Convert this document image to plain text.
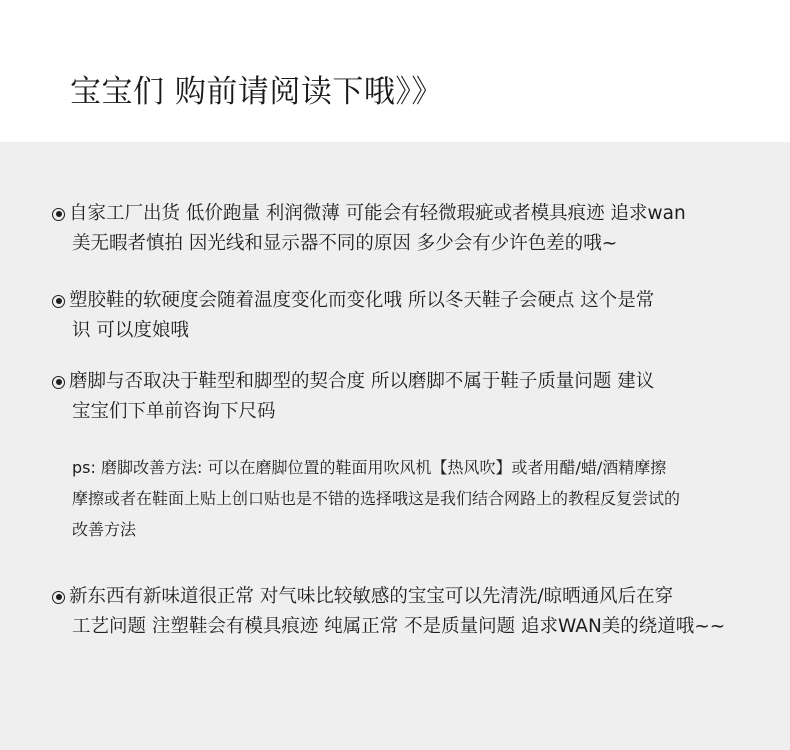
宝宝们 购前请阅读下哦》》
自家工厂出货 低价跑量 利润微薄 可能会有轻微瑕疵或者模具痕迹 追求wan
美无暇者慎拍 因光线和显示器不同的原因 多少会有少许色差的哦~
塑胶鞋的软硬度会随着温度变化而变化哦 所以冬天鞋子会硬点 这个是常
识 可以度娘哦
磨脚与否取决于鞋型和脚型的契合度 所以磨脚不属于鞋子质量问题 建议
宝宝们下单前咨询下尺码
ps: 磨脚改善方法: 可以在磨脚位置的鞋面用吹风机【热风吹】或者用醋/蜡/酒精摩擦
摩擦或者在鞋面上贴上创口贴也是不错的选择哦这是我们结合网路上的教程反复尝试的
改善方法
新东西有新味道很正常 对气味比较敏感的宝宝可以先清洗/晾晒通风后在穿
工艺问题 注塑鞋会有模具痕迹 纯属正常 不是质量问题 追求WAN美的绕道哦~~
